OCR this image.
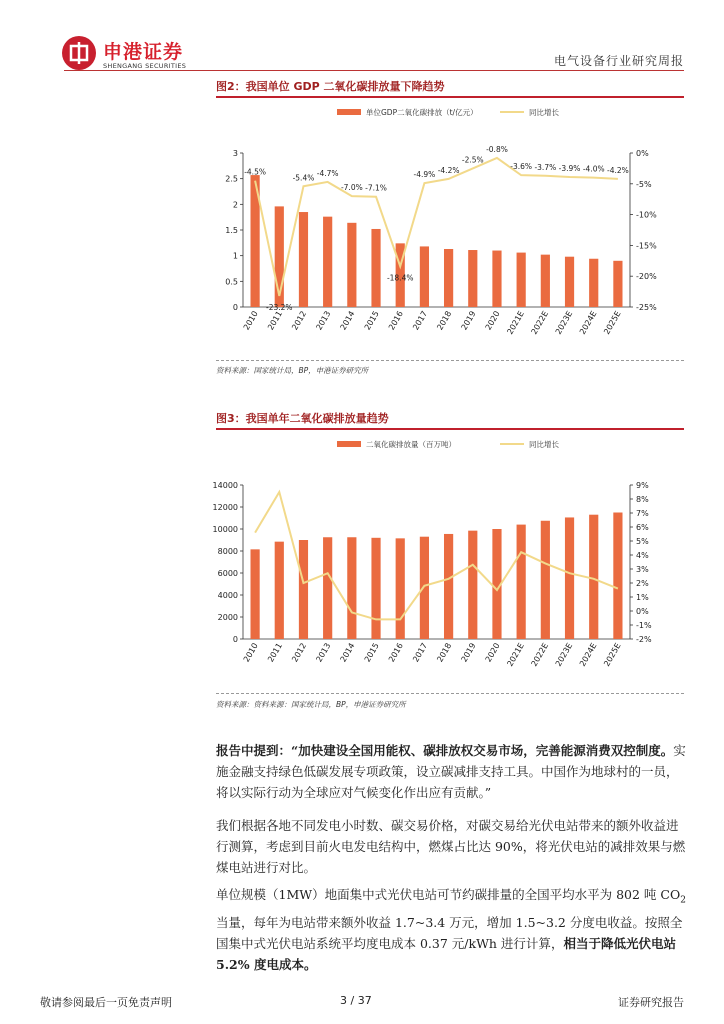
申港证券
SHENGANG SECURITIES	电气设备行业研究周报
图2：我国单位 GDP 二氧化碳排放量下降趋势
单位GDP二氧化碳排放（t/亿元）	同比增长
0
0.5
1
1.5
2
2.5
3
-25%
-20%
-15%
-10%
-5%
0%
2010 2011 2012 2013 2014 2015 2016 2017 2018 2019 2020 2021E 2022E 2023E 2024E 2025E
-4.5%
-23.2%
-5.4% -4.7%
-7.0% -7.1%
-18.4%
-4.9% -4.2%
-2.5%
-0.8%
-3.6% -3.7% -3.9% -4.0% -4.2%
资料来源：国家统计局，BP，申港证券研究所
图3：我国单年二氧化碳排放量趋势
二氧化碳排放量（百万吨）	同比增长
0
2000
4000
6000
8000
10000
12000
14000
-2%
-1%
0%
1%
2%
3%
4%
5%
6%
7%
8%
9%
2010 2011 2012 2013 2014 2015 2016 2017 2018 2019 2020 2021E 2022E 2023E 2024E 2025E
资料来源：资料来源：国家统计局，BP，申港证券研究所
报告中提到：“加快建设全国用能权、碳排放权交易市场，完善能源消费双控制度。实施金融支持绿色低碳发展专项政策，设立碳减排支持工具。中国作为地球村的一员，将以实际行动为全球应对气候变化作出应有贡献。”
我们根据各地不同发电小时数、碳交易价格，对碳交易给光伏电站带来的额外收益进行测算，考虑到目前火电发电结构中，燃煤占比达 90%，将光伏电站的减排效果与燃煤电站进行对比。
单位规模（1MW）地面集中式光伏电站可节约碳排量的全国平均水平为 802 吨 $CO_2$当量，每年为电站带来额外收益 1.7~3.4 万元，增加 1.5~3.2 分度电收益。按照全国集中式光伏电站系统平均度电成本 0.37 元/kWh 进行计算，相当于降低光伏电站 5.2% 度电成本。
敬请参阅最后一页免责声明	3 / 37	证券研究报告
